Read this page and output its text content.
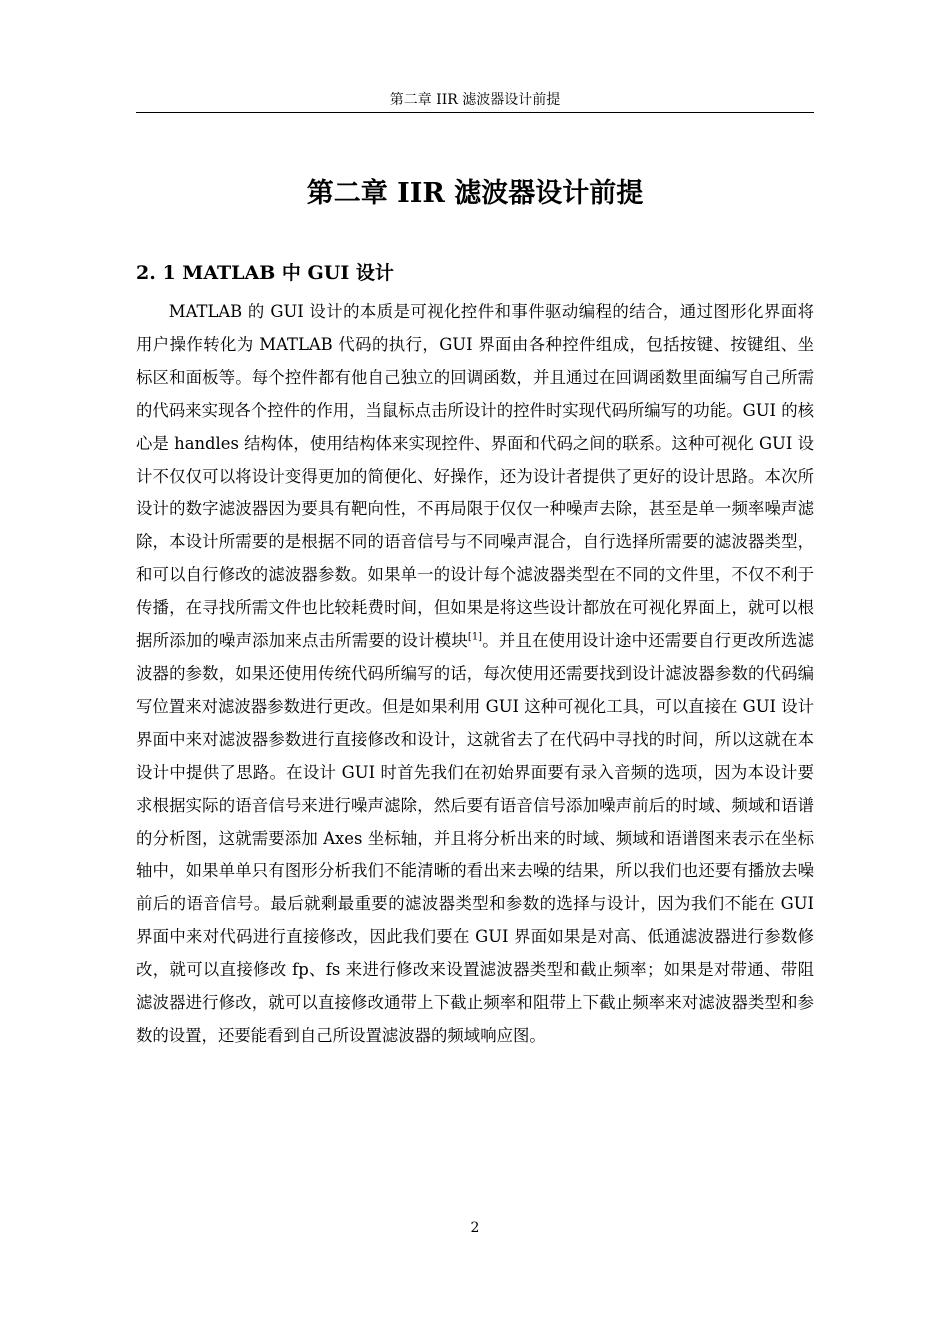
第二章 IIR 滤波器设计前提
第二章 IIR 滤波器设计前提
2. 1 MATLAB 中 GUI 设计

MATLAB 的 GUI 设计的本质是可视化控件和事件驱动编程的结合，通过图形化界面将用户操作转化为 MATLAB 代码的执行，GUI 界面由各种控件组成，包括按键、按键组、坐标区和面板等。每个控件都有他自己独立的回调函数，并且通过在回调函数里面编写自己所需的代码来实现各个控件的作用，当鼠标点击所设计的控件时实现代码所编写的功能。GUI 的核心是 handles 结构体，使用结构体来实现控件、界面和代码之间的联系。这种可视化 GUI 设计不仅仅可以将设计变得更加的简便化、好操作，还为设计者提供了更好的设计思路。本次所设计的数字滤波器因为要具有靶向性，不再局限于仅仅一种噪声去除，甚至是单一频率噪声滤除，本设计所需要的是根据不同的语音信号与不同噪声混合，自行选择所需要的滤波器类型，和可以自行修改的滤波器参数。如果单一的设计每个滤波器类型在不同的文件里，不仅不利于传播，在寻找所需文件也比较耗费时间，但如果是将这些设计都放在可视化界面上，就可以根据所添加的噪声添加来点击所需要的设计模块[1]。并且在使用设计途中还需要自行更改所选滤波器的参数，如果还使用传统代码所编写的话，每次使用还需要找到设计滤波器参数的代码编写位置来对滤波器参数进行更改。但是如果利用 GUI 这种可视化工具，可以直接在 GUI 设计界面中来对滤波器参数进行直接修改和设计，这就省去了在代码中寻找的时间，所以这就在本设计中提供了思路。在设计 GUI 时首先我们在初始界面要有录入音频的选项，因为本设计要求根据实际的语音信号来进行噪声滤除，然后要有语音信号添加噪声前后的时域、频域和语谱的分析图，这就需要添加 Axes 坐标轴，并且将分析出来的时域、频域和语谱图来表示在坐标轴中，如果单单只有图形分析我们不能清晰的看出来去噪的结果，所以我们也还要有播放去噪前后的语音信号。最后就剩最重要的滤波器类型和参数的选择与设计，因为我们不能在 GUI 界面中来对代码进行直接修改，因此我们要在 GUI 界面如果是对高、低通滤波器进行参数修改，就可以直接修改 fp、fs 来进行修改来设置滤波器类型和截止频率；如果是对带通、带阻滤波器进行修改，就可以直接修改通带上下截止频率和阻带上下截止频率来对滤波器类型和参数的设置，还要能看到自己所设置滤波器的频域响应图。

2
